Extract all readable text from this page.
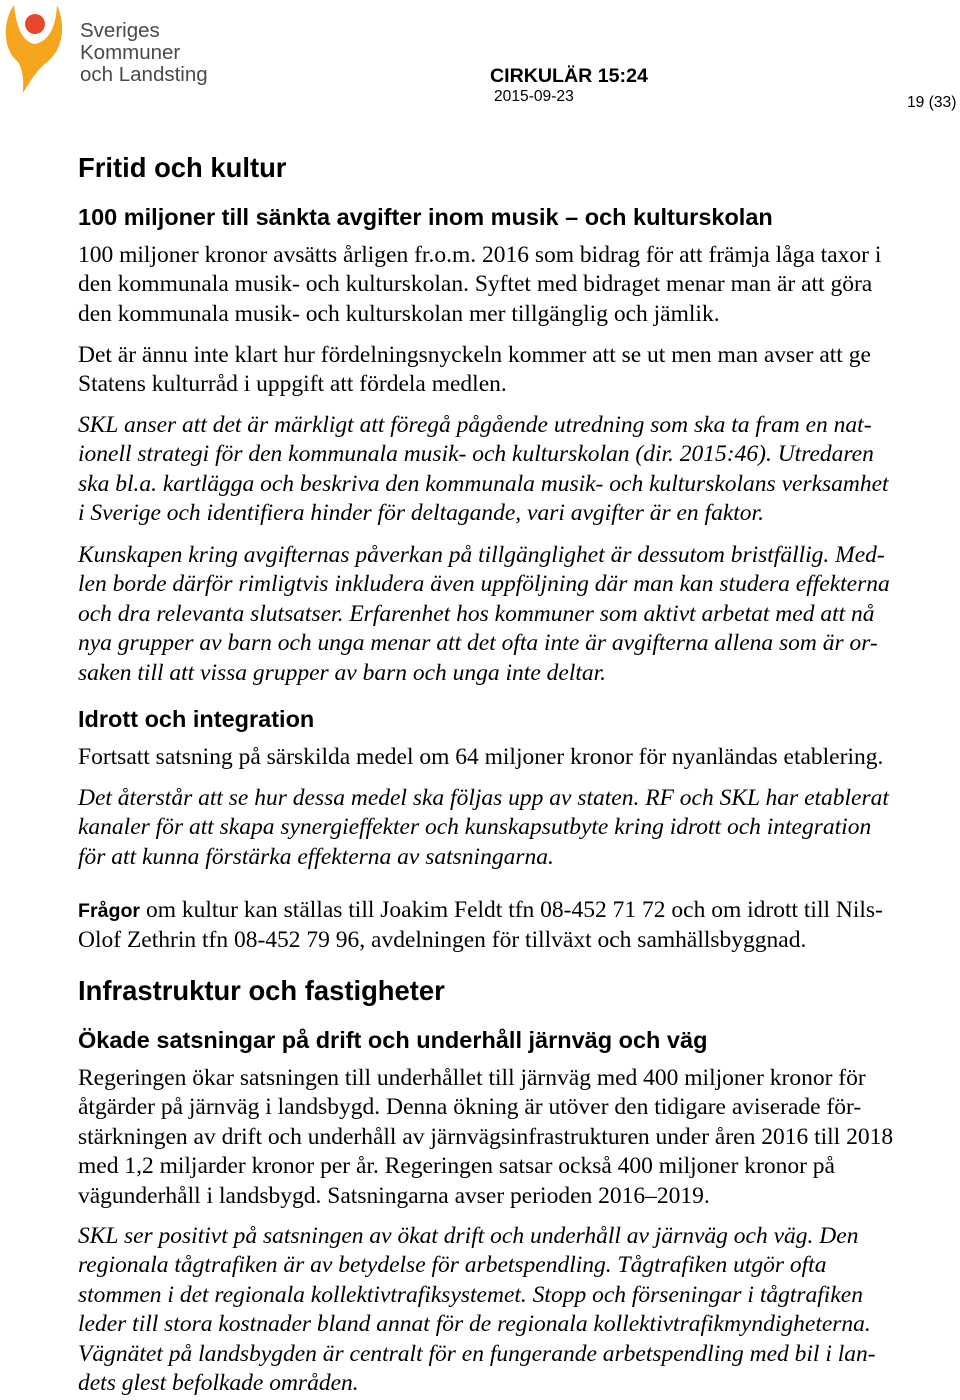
Sveriges
Kommuner
och Landsting	CIRKULÄR 15:24
2015-09-23	19 (33)
Fritid och kultur
100 miljoner till sänkta avgifter inom musik – och kulturskolan
100 miljoner kronor avsätts årligen fr.o.m. 2016 som bidrag för att främja låga taxor i
den kommunala musik- och kulturskolan. Syftet med bidraget menar man är att göra
den kommunala musik- och kulturskolan mer tillgänglig och jämlik.
Det är ännu inte klart hur fördelningsnyckeln kommer att se ut men man avser att ge
Statens kulturråd i uppgift att fördela medlen.
SKL anser att det är märkligt att föregå pågående utredning som ska ta fram en nat-
ionell strategi för den kommunala musik- och kulturskolan (dir. 2015:46). Utredaren
ska bl.a. kartlägga och beskriva den kommunala musik- och kulturskolans verksamhet
i Sverige och identifiera hinder för deltagande, vari avgifter är en faktor.
Kunskapen kring avgifternas påverkan på tillgänglighet är dessutom bristfällig. Med-
len borde därför rimligtvis inkludera även uppföljning där man kan studera effekterna
och dra relevanta slutsatser. Erfarenhet hos kommuner som aktivt arbetat med att nå
nya grupper av barn och unga menar att det ofta inte är avgifterna allena som är or-
saken till att vissa grupper av barn och unga inte deltar.
Idrott och integration
Fortsatt satsning på särskilda medel om 64 miljoner kronor för nyanländas etablering.
Det återstår att se hur dessa medel ska följas upp av staten. RF och SKL har etablerat
kanaler för att skapa synergieffekter och kunskapsutbyte kring idrott och integration
för att kunna förstärka effekterna av satsningarna.
Frågor om kultur kan ställas till Joakim Feldt tfn 08-452 71 72 och om idrott till Nils-
Olof Zethrin tfn 08-452 79 96, avdelningen för tillväxt och samhällsbyggnad.
Infrastruktur och fastigheter
Ökade satsningar på drift och underhåll järnväg och väg
Regeringen ökar satsningen till underhållet till järnväg med 400 miljoner kronor för
åtgärder på järnväg i landsbygd. Denna ökning är utöver den tidigare aviserade för-
stärkningen av drift och underhåll av järnvägsinfrastrukturen under åren 2016 till 2018
med 1,2 miljarder kronor per år. Regeringen satsar också 400 miljoner kronor på
vägunderhåll i landsbygd. Satsningarna avser perioden 2016–2019.
SKL ser positivt på satsningen av ökat drift och underhåll av järnväg och väg. Den
regionala tågtrafiken är av betydelse för arbetspendling. Tågtrafiken utgör ofta
stommen i det regionala kollektivtrafiksystemet. Stopp och förseningar i tågtrafiken
leder till stora kostnader bland annat för de regionala kollektivtrafikmyndigheterna.
Vägnätet på landsbygden är centralt för en fungerande arbetspendling med bil i lan-
dets glest befolkade områden.
